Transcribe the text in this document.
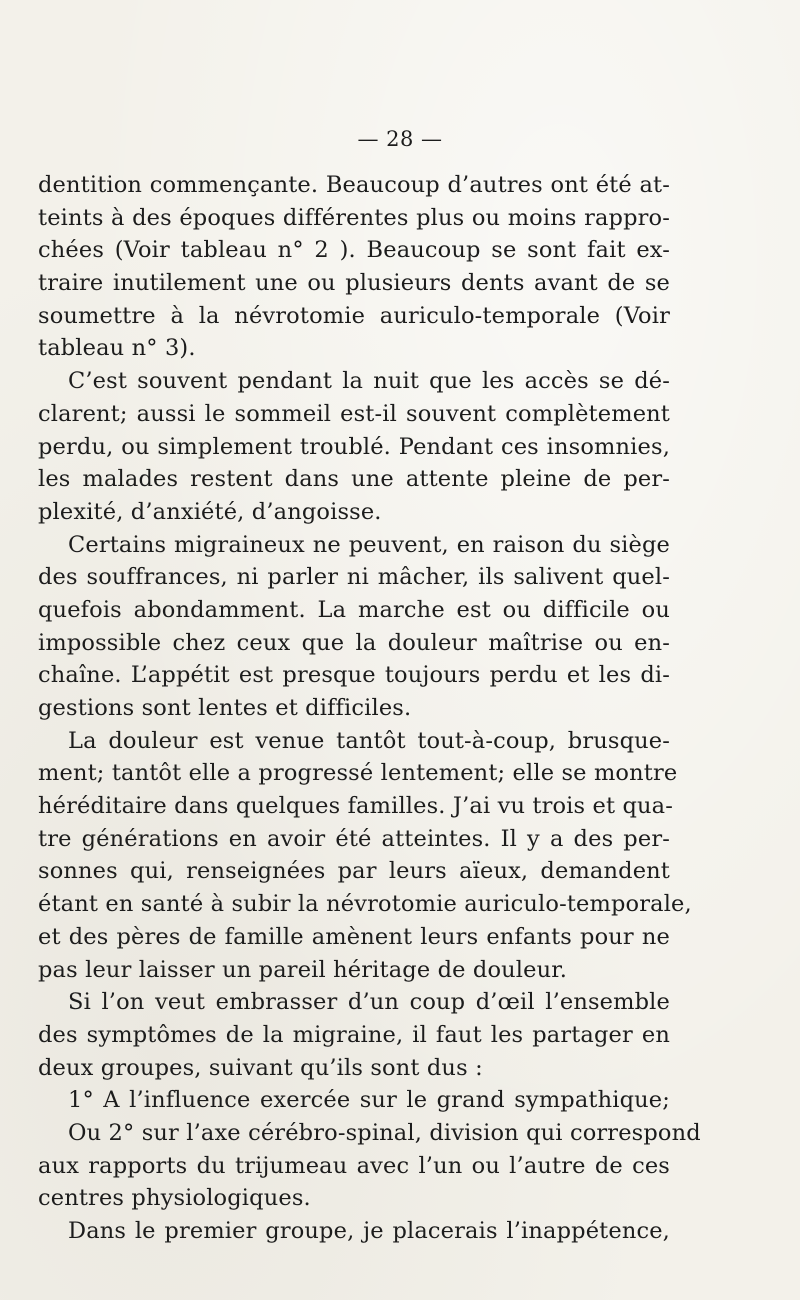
— 28 —
dentition commençante. Beaucoup d’autres ont été at-
teints à des époques différentes plus ou moins rappro-
chées (Voir tableau n° 2 ). Beaucoup se sont fait ex-
traire inutilement une ou plusieurs dents avant de se
soumettre à la névrotomie auriculo-temporale (Voir
tableau n° 3).
C’est souvent pendant la nuit que les accès se dé-
clarent; aussi le sommeil est-il souvent complètement
perdu, ou simplement troublé. Pendant ces insomnies,
les malades restent dans une attente pleine de per-
plexité, d’anxiété, d’angoisse.
Certains migraineux ne peuvent, en raison du siège
des souffrances, ni parler ni mâcher, ils salivent quel-
quefois abondamment. La marche est ou difficile ou
impossible chez ceux que la douleur maîtrise ou en-
chaîne. L’appétit est presque toujours perdu et les di-
gestions sont lentes et difficiles.
La douleur est venue tantôt tout-à-coup, brusque-
ment; tantôt elle a progressé lentement; elle se montre
héréditaire dans quelques familles. J’ai vu trois et qua-
tre générations en avoir été atteintes. Il y a des per-
sonnes qui, renseignées par leurs aïeux, demandent
étant en santé à subir la névrotomie auriculo-temporale,
et des pères de famille amènent leurs enfants pour ne
pas leur laisser un pareil héritage de douleur.
Si l’on veut embrasser d’un coup d’œil l’ensemble
des symptômes de la migraine, il faut les partager en
deux groupes, suivant qu’ils sont dus :
1° A l’influence exercée sur le grand sympathique;
Ou 2° sur l’axe cérébro-spinal, division qui correspond
aux rapports du trijumeau avec l’un ou l’autre de ces
centres physiologiques.
Dans le premier groupe, je placerais l’inappétence,
